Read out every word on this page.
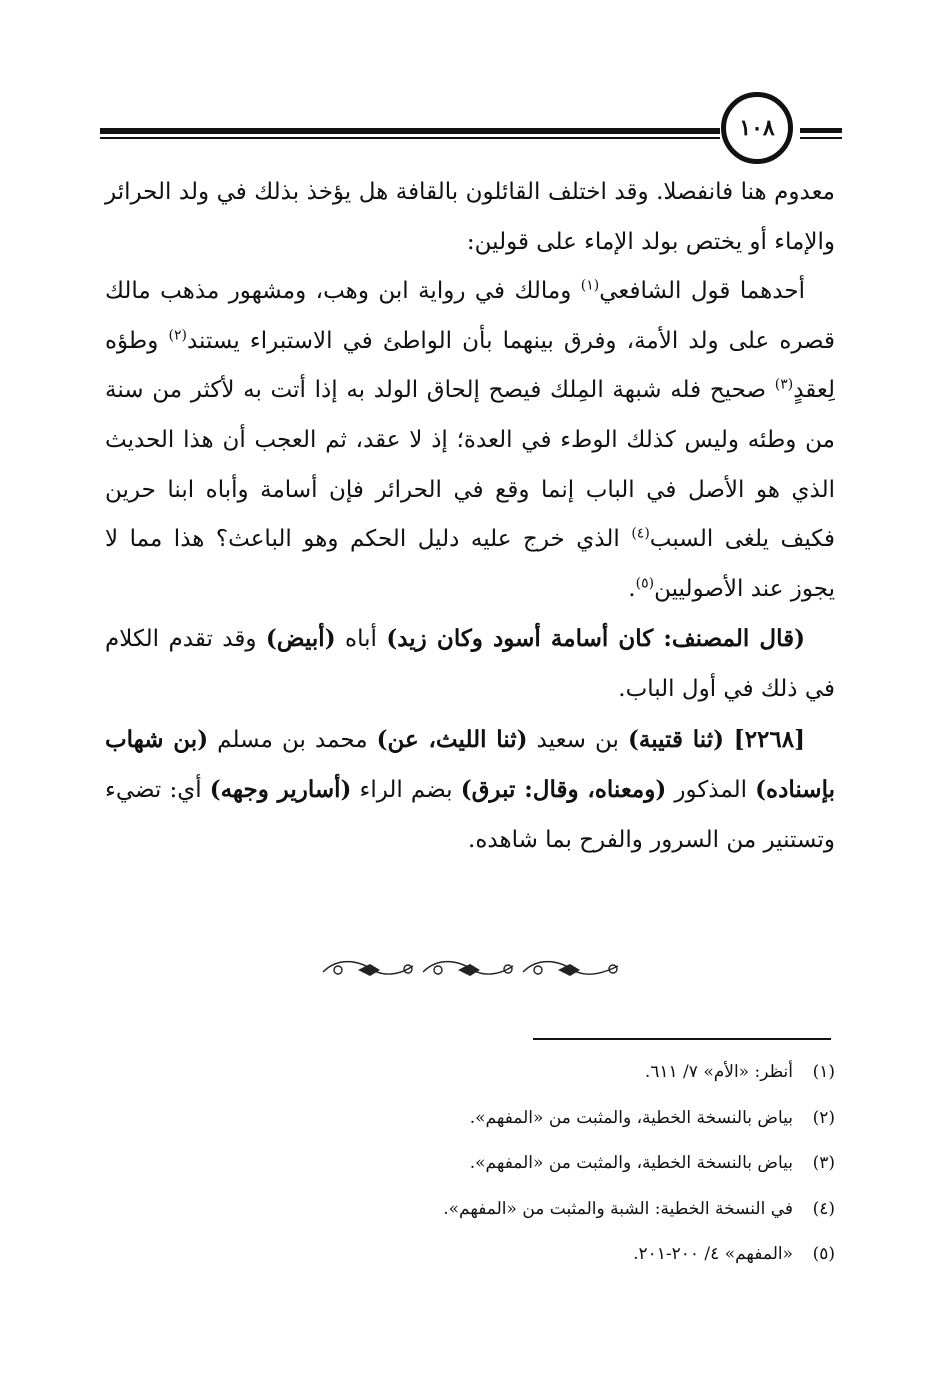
١٠٨

معدوم هنا فانفصلا. وقد اختلف القائلون بالقافة هل يؤخذ بذلك في ولد الحرائر والإماء أو يختص بولد الإماء على قولين:

أحدهما قول الشافعي$^{(١)}$ ومالك في رواية ابن وهب، ومشهور مذهب مالك قصره على ولد الأمة، وفرق بينهما بأن الواطئ في الاستبراء يستند$^{(٢)}$ وطؤه لِعقدٍ$^{(٣)}$ صحيح فله شبهة المِلك فيصح إلحاق الولد به إذا أتت به لأكثر من سنة من وطئه وليس كذلك الوطء في العدة؛ إذ لا عقد، ثم العجب أن هذا الحديث الذي هو الأصل في الباب إنما وقع في الحرائر فإن أسامة وأباه ابنا حرين فكيف يلغى السبب$^{(٤)}$ الذي خرج عليه دليل الحكم وهو الباعث؟ هذا مما لا يجوز عند الأصوليين$^{(٥)}$.

(قال المصنف: كان أسامة أسود وكان زيد) أباه (أبيض) وقد تقدم الكلام في ذلك في أول الباب.

[٢٢٦٨] (ثنا قتيبة) بن سعيد (ثنا الليث، عن) محمد بن مسلم (بن شهاب بإسناده) المذكور (ومعناه، وقال: تبرق) بضم الراء (أسارير وجهه) أي: تضيء وتستنير من السرور والفرح بما شاهده.

(١)
أنظر: «الأم» ٧/ ٦١١.
(٢)
بياض بالنسخة الخطية، والمثبت من «المفهم».
(٣)
بياض بالنسخة الخطية، والمثبت من «المفهم».
(٤)
في النسخة الخطية: الشبة والمثبت من «المفهم».
(٥)
«المفهم» ٤/ ٢٠٠-٢٠١.
